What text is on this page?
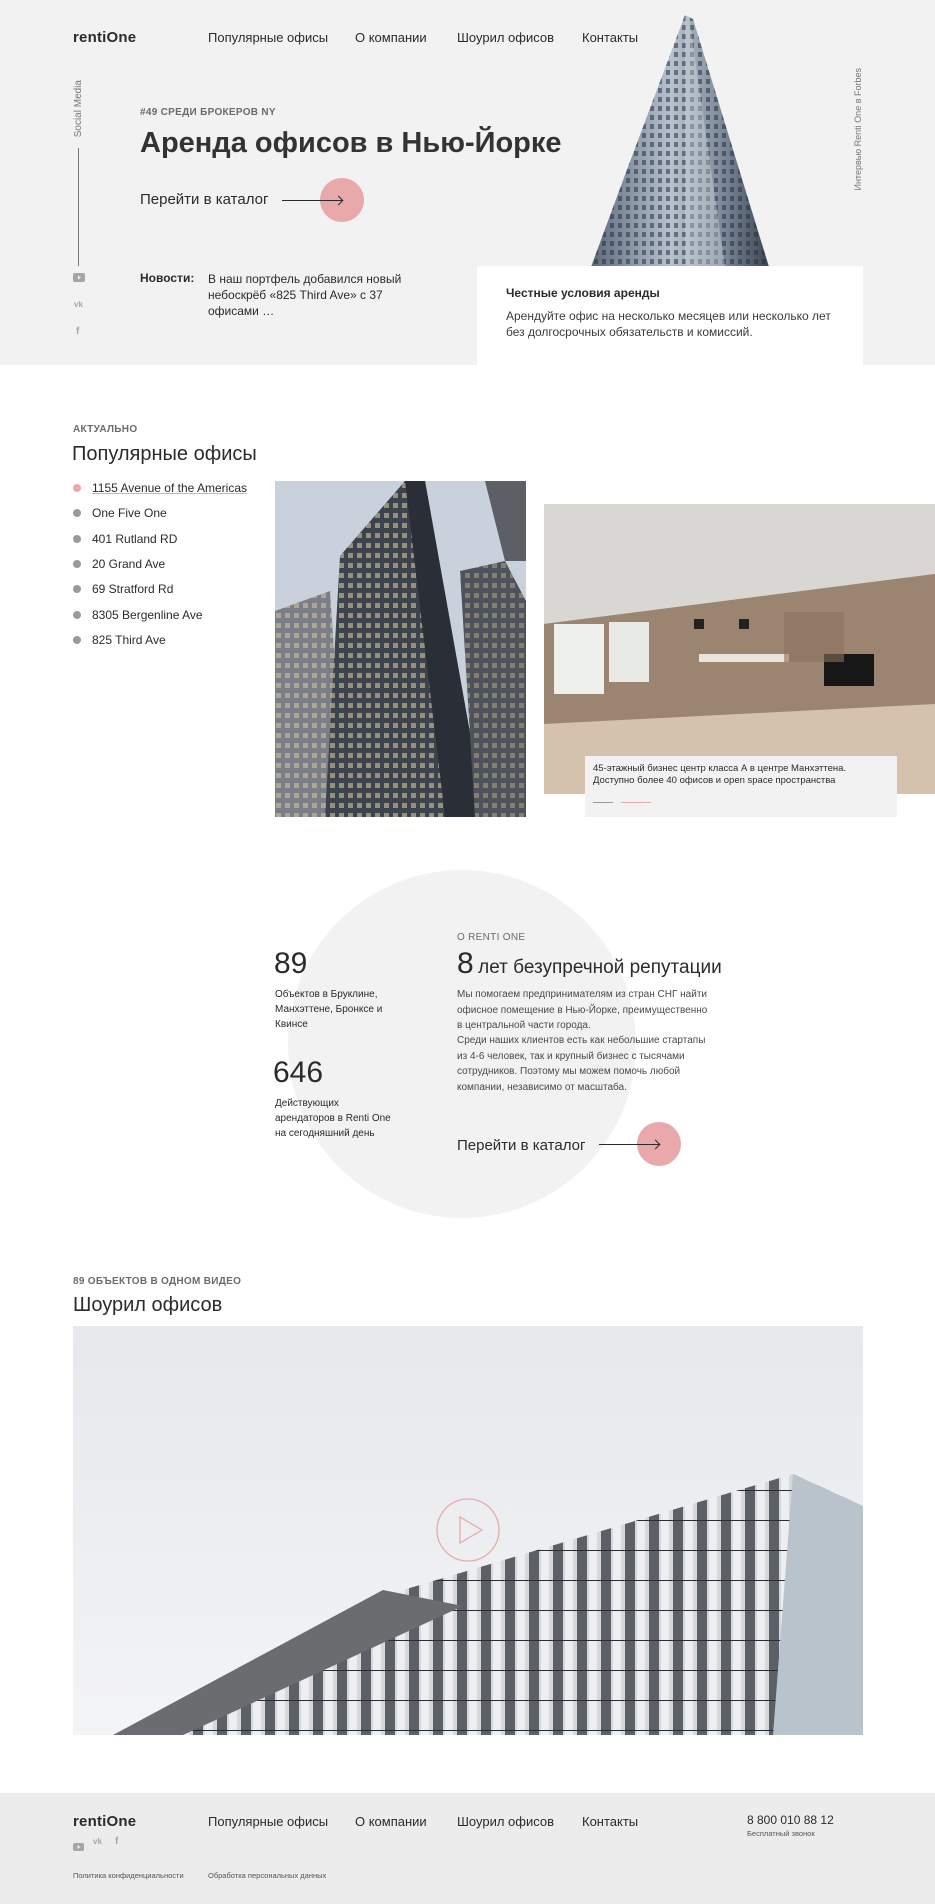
rentiOne	Популярные офисы О компании Шоурил офисов Контакты
Social Media
vk
f
#49 СРЕДИ БРОКЕРОВ NY
Аренда офисов в Нью-Йорке
Перейти в каталог
Новости: В наш портфель добавился новый небоскрёб «825 Third Ave» с 37 офисами …
Интервью Renti One в Forbes
Честные условия аренды
Арендуйте офис на несколько месяцев или несколько лет без долгосрочных обязательств и комиссий.
АКТУАЛЬНО
Популярные офисы
1155 Avenue of the Americas
One Five One
401 Rutland RD
20 Grand Ave
69 Stratford Rd
8305 Bergenline Ave
825 Third Ave
45-этажный бизнес центр класса А в центре Манхэттена. Доступно более 40 офисов и open space пространства
89
Объектов в Бруклине, Манхэттене, Бронксе и Квинсе
646
Действующих арендаторов в Renti One на сегодняшний день
О RENTI ONE
8 лет безупречной репутации
Мы помогаем предпринимателям из стран СНГ найти офисное помещение в Нью-Йорке, преимущественно в центральной части города.
Среди наших клиентов есть как небольшие стартапы из 4-6 человек, так и крупный бизнес с тысячами сотрудников. Поэтому мы можем помочь любой компании, независимо от масштаба.
Перейти в каталог
89 ОБЪЕКТОВ В ОДНОМ ВИДЕО
Шоурил офисов
rentiOne	Популярные офисы О компании Шоурил офисов Контакты	8 800 010 88 12
Бесплатный звонок
vk f
Политика конфиденциальности	Обработка персональных данных
